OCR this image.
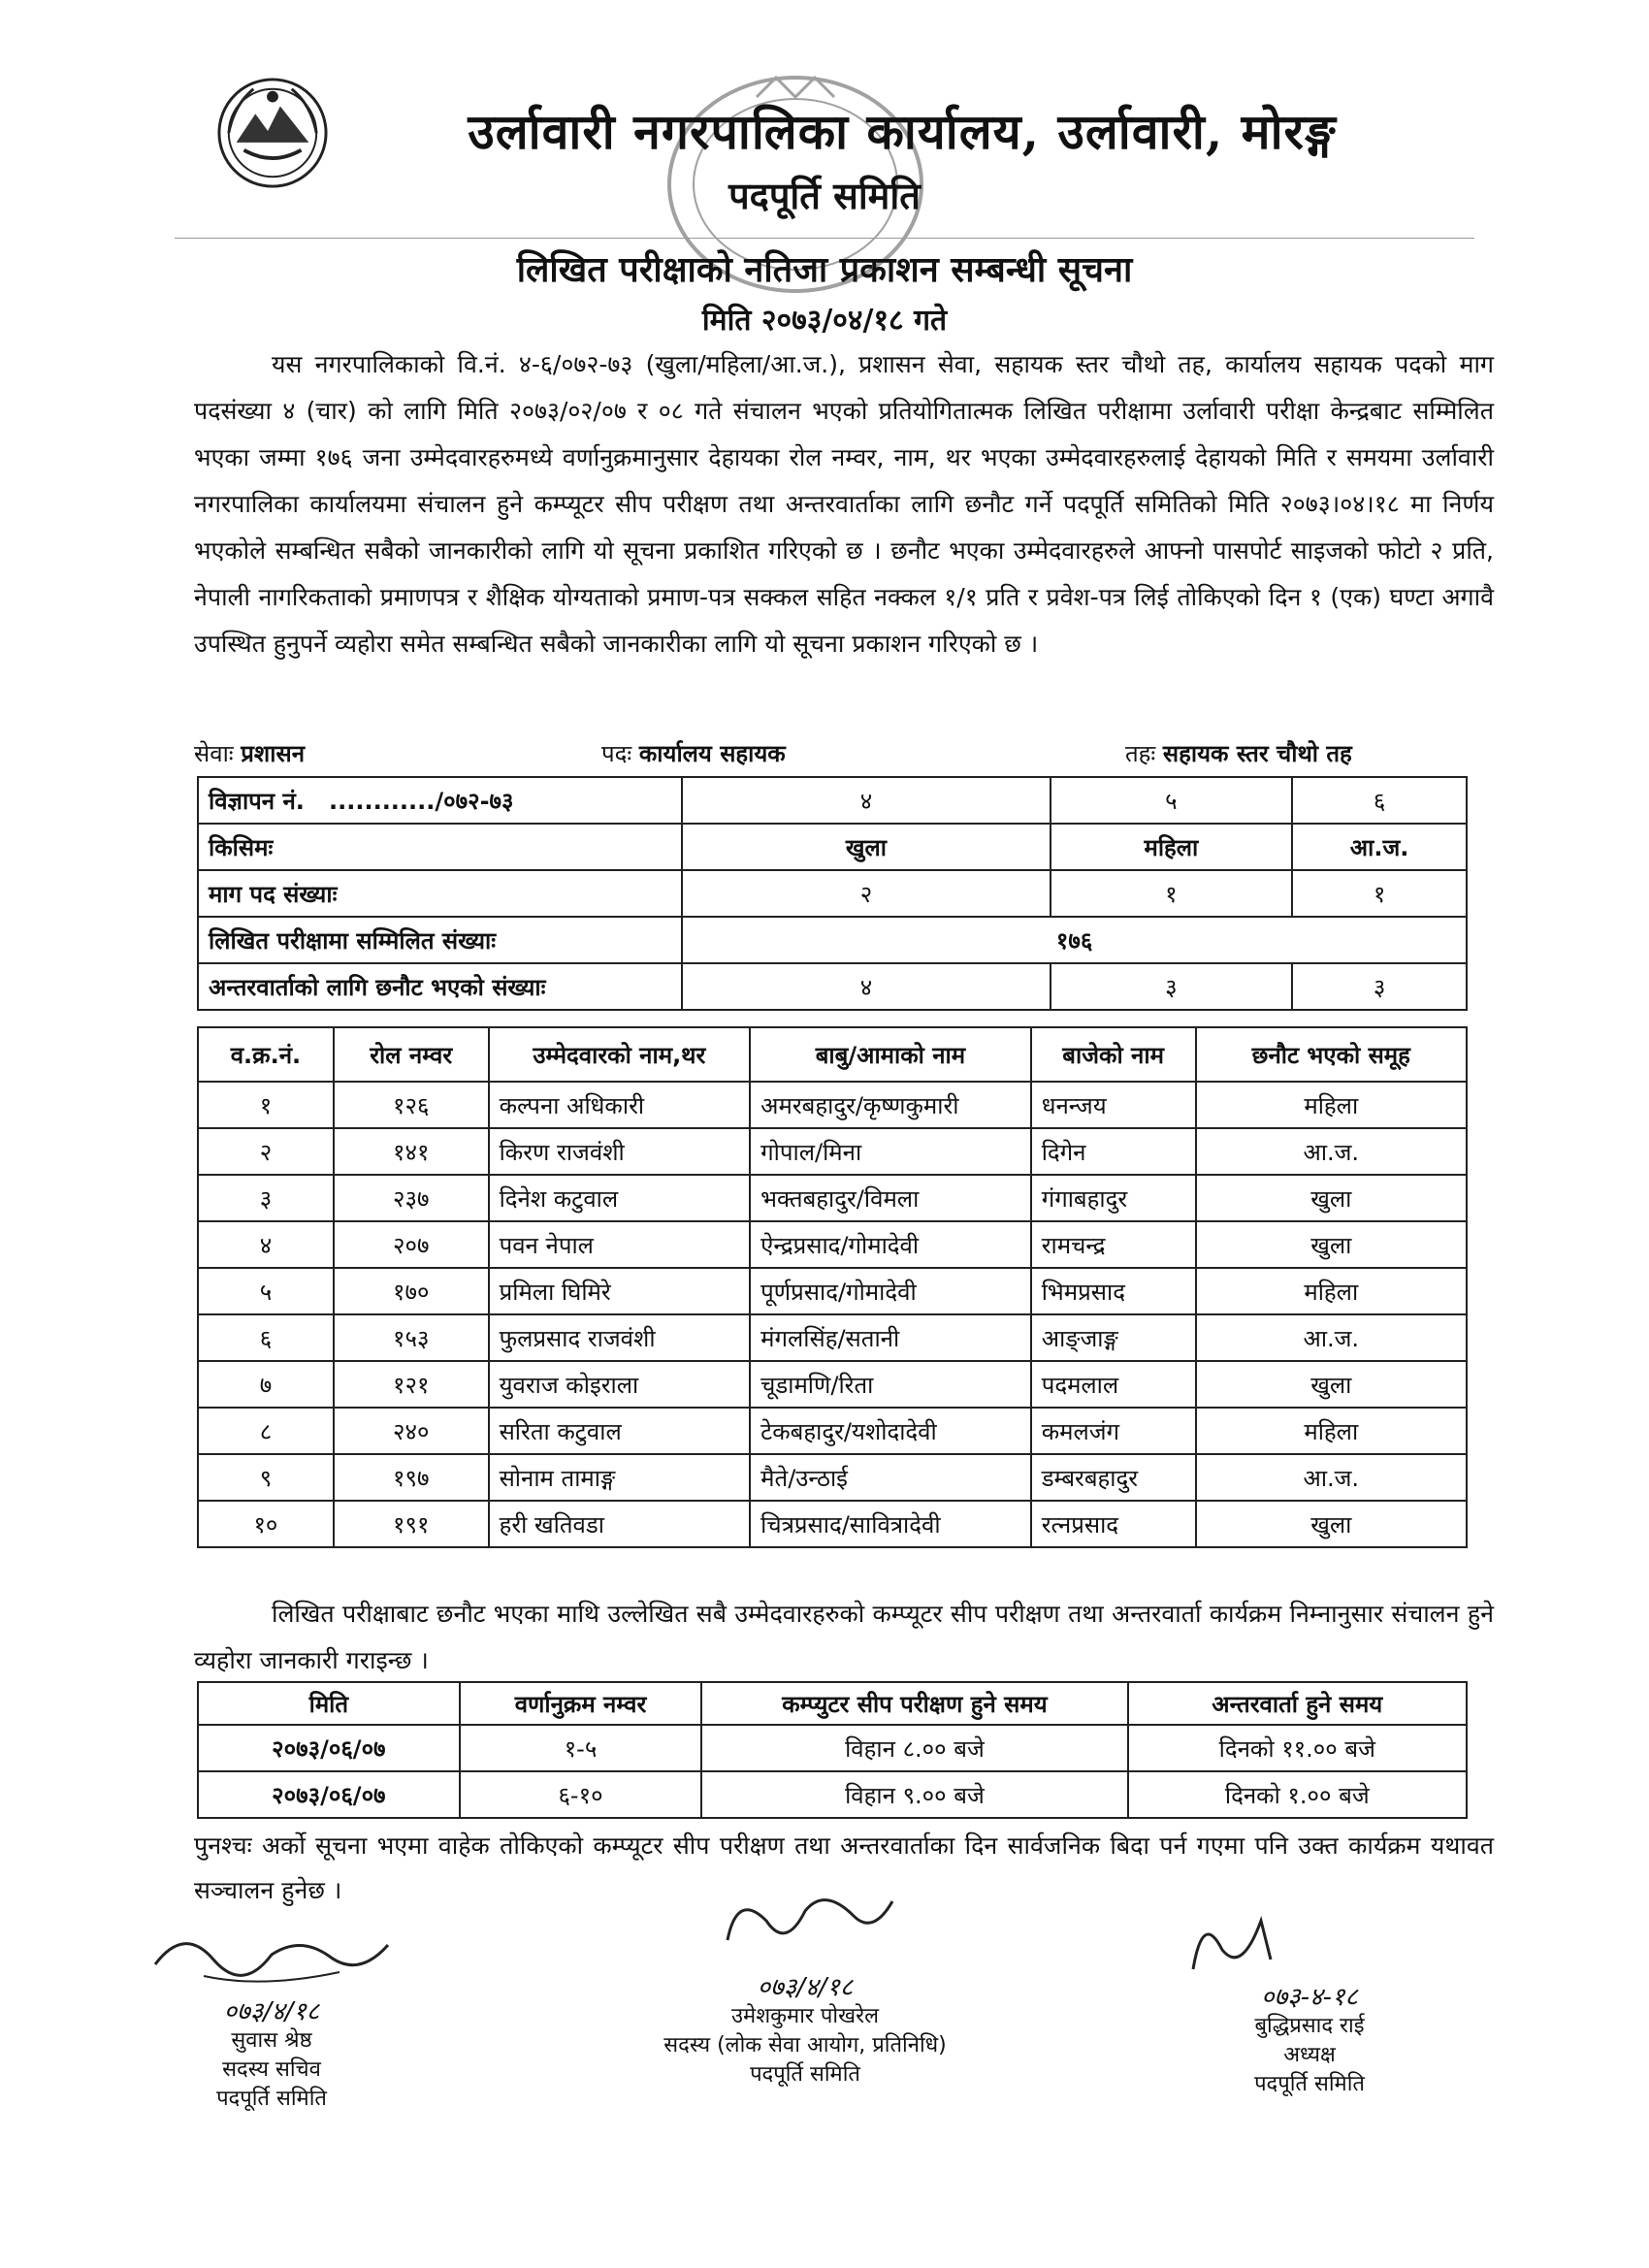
उर्लावारी नगरपालिका कार्यालय, उर्लावारी, मोरङ्ग
पदपूर्ति समिति
लिखित परीक्षाको नतिजा प्रकाशन सम्बन्धी सूचना
मिति २०७३/०४/१८ गते
यस नगरपालिकाको वि.नं. ४-६/०७२-७३ (खुला/महिला/आ.ज.), प्रशासन सेवा, सहायक स्तर चौथो तह, कार्यालय सहायक पदको माग पदसंख्या ४ (चार) को लागि मिति २०७३/०२/०७ र ०८ गते संचालन भएको प्रतियोगितात्मक लिखित परीक्षामा उर्लावारी परीक्षा केन्द्रबाट सम्मिलित भएका जम्मा १७६ जना उम्मेदवारहरुमध्ये वर्णानुक्रमानुसार देहायका रोल नम्वर, नाम, थर भएका उम्मेदवारहरुलाई देहायको मिति र समयमा उर्लावारी नगरपालिका कार्यालयमा संचालन हुने कम्प्यूटर सीप परीक्षण तथा अन्तरवार्ताका लागि छनौट गर्ने पदपूर्ति समितिको मिति २०७३।०४।१८ मा निर्णय भएकोले सम्बन्धित सबैको जानकारीको लागि यो सूचना प्रकाशित गरिएको छ । छनौट भएका उम्मेदवारहरुले आफ्नो पासपोर्ट साइजको फोटो २ प्रति, नेपाली नागरिकताको प्रमाणपत्र र शैक्षिक योग्यताको प्रमाण-पत्र सक्कल सहित नक्कल १/१ प्रति र प्रवेश-पत्र लिई तोकिएको दिन १ (एक) घण्टा अगावै उपस्थित हुनुपर्ने व्यहोरा समेत सम्बन्धित सबैको जानकारीका लागि यो सूचना प्रकाशन गरिएको छ ।
सेवाः प्रशासन	पदः कार्यालय सहायक	तहः सहायक स्तर चौथो तह
विज्ञापन नं. ............/०७२-७३	४	५	६
किसिमः	खुला	महिला	आ.ज.
माग पद संख्याः	२	१	१
लिखित परीक्षामा सम्मिलित संख्याः	१७६		
अन्तरवार्ताको लागि छनौट भएको संख्याः	४	३	३
व.क्र.नं.	रोल नम्वर	उम्मेदवारको नाम,थर	बाबु/आमाको नाम	बाजेको नाम	छनौट भएको समूह
१	१२६	कल्पना अधिकारी	अमरबहादुर/कृष्णकुमारी	धनन्जय	महिला
२	१४१	किरण राजवंशी	गोपाल/मिना	दिगेन	आ.ज.
३	२३७	दिनेश कटुवाल	भक्तबहादुर/विमला	गंगाबहादुर	खुला
४	२०७	पवन नेपाल	ऐन्द्रप्रसाद/गोमादेवी	रामचन्द्र	खुला
५	१७०	प्रमिला घिमिरे	पूर्णप्रसाद/गोमादेवी	भिमप्रसाद	महिला
६	१५३	फुलप्रसाद राजवंशी	मंगलसिंह/सतानी	आङ्जाङ्ग	आ.ज.
७	१२१	युवराज कोइराला	चूडामणि/रिता	पदमलाल	खुला
८	२४०	सरिता कटुवाल	टेकबहादुर/यशोदादेवी	कमलजंग	महिला
९	१९७	सोनाम तामाङ्ग	मैते/उन्ठाई	डम्बरबहादुर	आ.ज.
१०	१९१	हरी खतिवडा	चित्रप्रसाद/सावित्रादेवी	रत्नप्रसाद	खुला
लिखित परीक्षाबाट छनौट भएका माथि उल्लेखित सबै उम्मेदवारहरुको कम्प्यूटर सीप परीक्षण तथा अन्तरवार्ता कार्यक्रम निम्नानुसार संचालन हुने व्यहोरा जानकारी गराइन्छ ।
मिति	वर्णानुक्रम नम्वर	कम्प्युटर सीप परीक्षण हुने समय	अन्तरवार्ता हुने समय
२०७३/०६/०७	१-५	विहान ८.०० बजे	दिनको ११.०० बजे
२०७३/०६/०७	६-१०	विहान ९.०० बजे	दिनको १.०० बजे
पुनश्चः अर्को सूचना भएमा वाहेक तोकिएको कम्प्यूटर सीप परीक्षण तथा अन्तरवार्ताका दिन सार्वजनिक बिदा पर्न गएमा पनि उक्त कार्यक्रम यथावत सञ्चालन हुनेछ ।
०७३/४/१८
सुवास श्रेष्ठ
सदस्य सचिव
पदपूर्ति समिति
०७३/४/१८
उमेशकुमार पोखरेल
सदस्य (लोक सेवा आयोग, प्रतिनिधि)
पदपूर्ति समिति
०७३-४-१८
बुद्धिप्रसाद राई
अध्यक्ष
पदपूर्ति समिति
